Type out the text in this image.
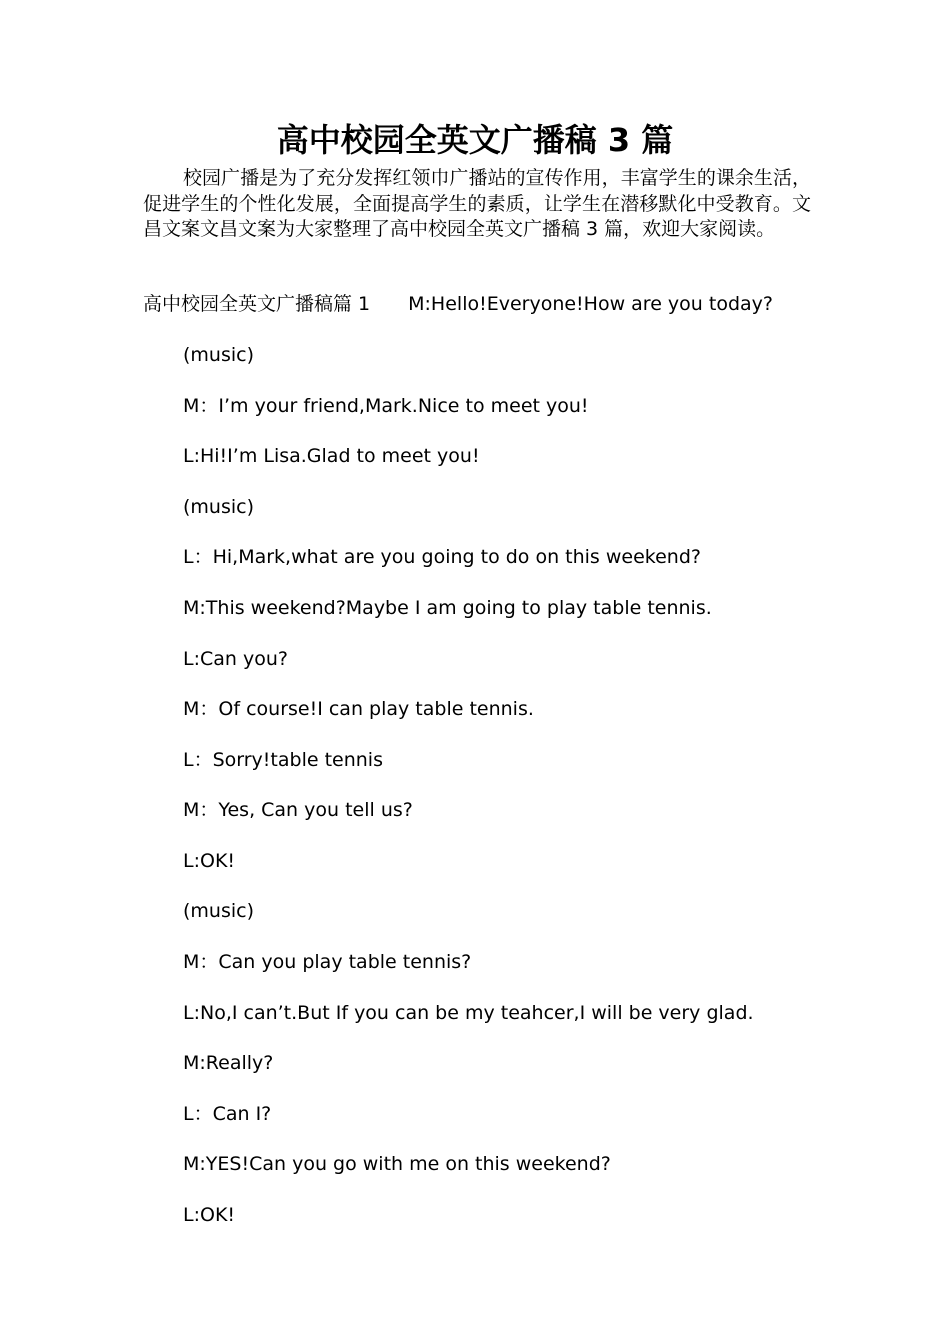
高中校园全英文广播稿 3 篇

校园广播是为了充分发挥红领巾广播站的宣传作用，丰富学生的课余生活，促进学生的个性化发展，全面提高学生的素质，让学生在潜移默化中受教育。文昌文案文昌文案为大家整理了高中校园全英文广播稿 3 篇，欢迎大家阅读。

高中校园全英文广播稿篇 1 M:Hello!Everyone!How are you today?
(music)
M：I’m your friend,Mark.Nice to meet you!
L:Hi!I’m Lisa.Glad to meet you!
(music)
L：Hi,Mark,what are you going to do on this weekend?
M:This weekend?Maybe I am going to play table tennis.
L:Can you?
M：Of course!I can play table tennis.
L：Sorry!table tennis
M：Yes, Can you tell us?
L:OK!
(music)
M：Can you play table tennis?
L:No,I can’t.But If you can be my teahcer,I will be very glad.
M:Really?
L：Can I?
M:YES!Can you go with me on this weekend?
L:OK!
